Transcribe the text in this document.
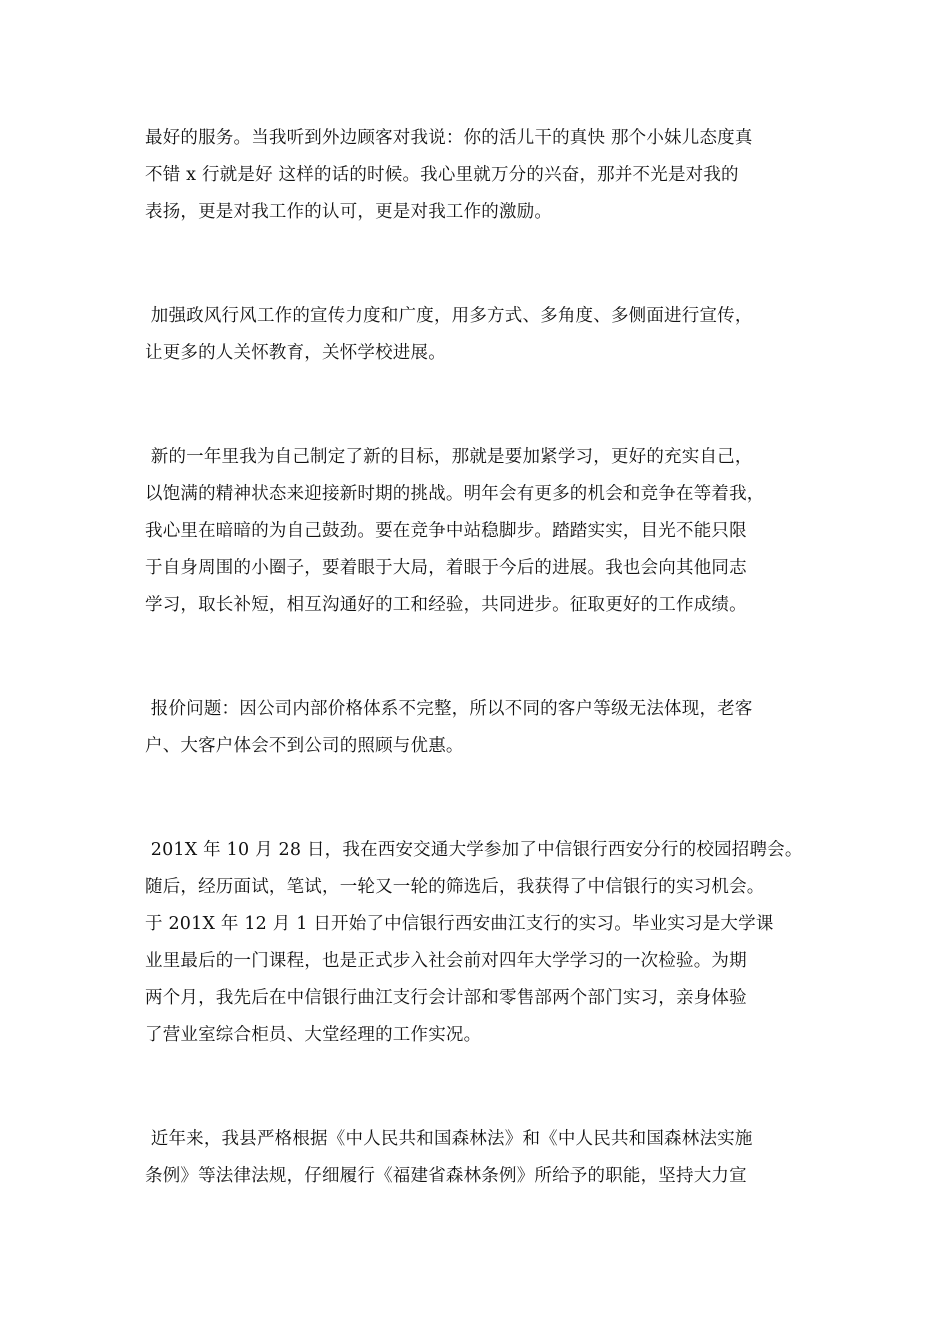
最好的服务。当我听到外边顾客对我说：你的活儿干的真快 那个小妹儿态度真
不错 x 行就是好 这样的话的时候。我心里就万分的兴奋，那并不光是对我的
表扬，更是对我工作的认可，更是对我工作的激励。
加强政风行风工作的宣传力度和广度，用多方式、多角度、多侧面进行宣传，
让更多的人关怀教育，关怀学校进展。
新的一年里我为自己制定了新的目标，那就是要加紧学习，更好的充实自己，
以饱满的精神状态来迎接新时期的挑战。明年会有更多的机会和竞争在等着我，
我心里在暗暗的为自己鼓劲。要在竞争中站稳脚步。踏踏实实，目光不能只限
于自身周围的小圈子，要着眼于大局，着眼于今后的进展。我也会向其他同志
学习，取长补短，相互沟通好的工和经验，共同进步。征取更好的工作成绩。
报价问题：因公司内部价格体系不完整，所以不同的客户等级无法体现，老客
户、大客户体会不到公司的照顾与优惠。
201X 年 10 月 28 日，我在西安交通大学参加了中信银行西安分行的校园招聘会。
随后，经历面试，笔试，一轮又一轮的筛选后，我获得了中信银行的实习机会。
于 201X 年 12 月 1 日开始了中信银行西安曲江支行的实习。毕业实习是大学课
业里最后的一门课程，也是正式步入社会前对四年大学学习的一次检验。为期
两个月，我先后在中信银行曲江支行会计部和零售部两个部门实习，亲身体验
了营业室综合柜员、大堂经理的工作实况。
近年来，我县严格根据《中人民共和国森林法》和《中人民共和国森林法实施
条例》等法律法规，仔细履行《福建省森林条例》所给予的职能，坚持大力宣
